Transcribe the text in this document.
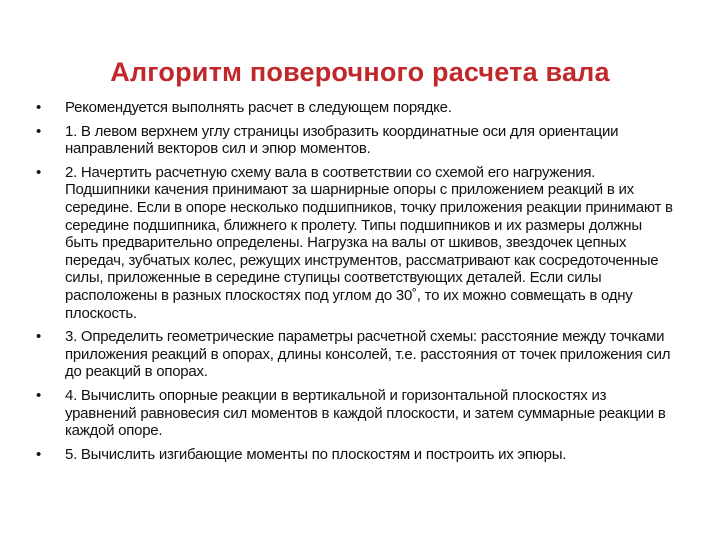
Алгоритм поверочного расчета вала
• Рекомендуется выполнять расчет в следующем порядке.
• 1. В левом верхнем углу страницы изобразить координатные оси для ориентации направлений векторов сил и эпюр моментов.
• 2. Начертить расчетную схему вала в соответствии со схемой его нагружения. Подшипники качения принимают за шарнирные опоры с приложением реакций в их середине. Если в опоре несколько подшипников, точку приложения реакции принимают в середине подшипника, ближнего к пролету. Типы подшипников и их размеры должны быть предварительно определены. Нагрузка на валы от шкивов, звездочек цепных передач, зубчатых колес, режущих инструментов, рассматривают как сосредоточенные силы, приложенные в середине ступицы соответствующих деталей. Если силы расположены в разных плоскостях под углом до 30˚, то их можно совмещать в одну плоскость.
• 3. Определить геометрические параметры расчетной схемы: расстояние между точками приложения реакций в опорах, длины консолей, т.е. расстояния от точек приложения сил до реакций в опорах.
• 4. Вычислить опорные реакции в вертикальной и горизонтальной плоскостях из уравнений равновесия сил моментов в каждой плоскости, и затем суммарные реакции в каждой опоре.
• 5. Вычислить изгибающие моменты по плоскостям и построить их эпюры.
